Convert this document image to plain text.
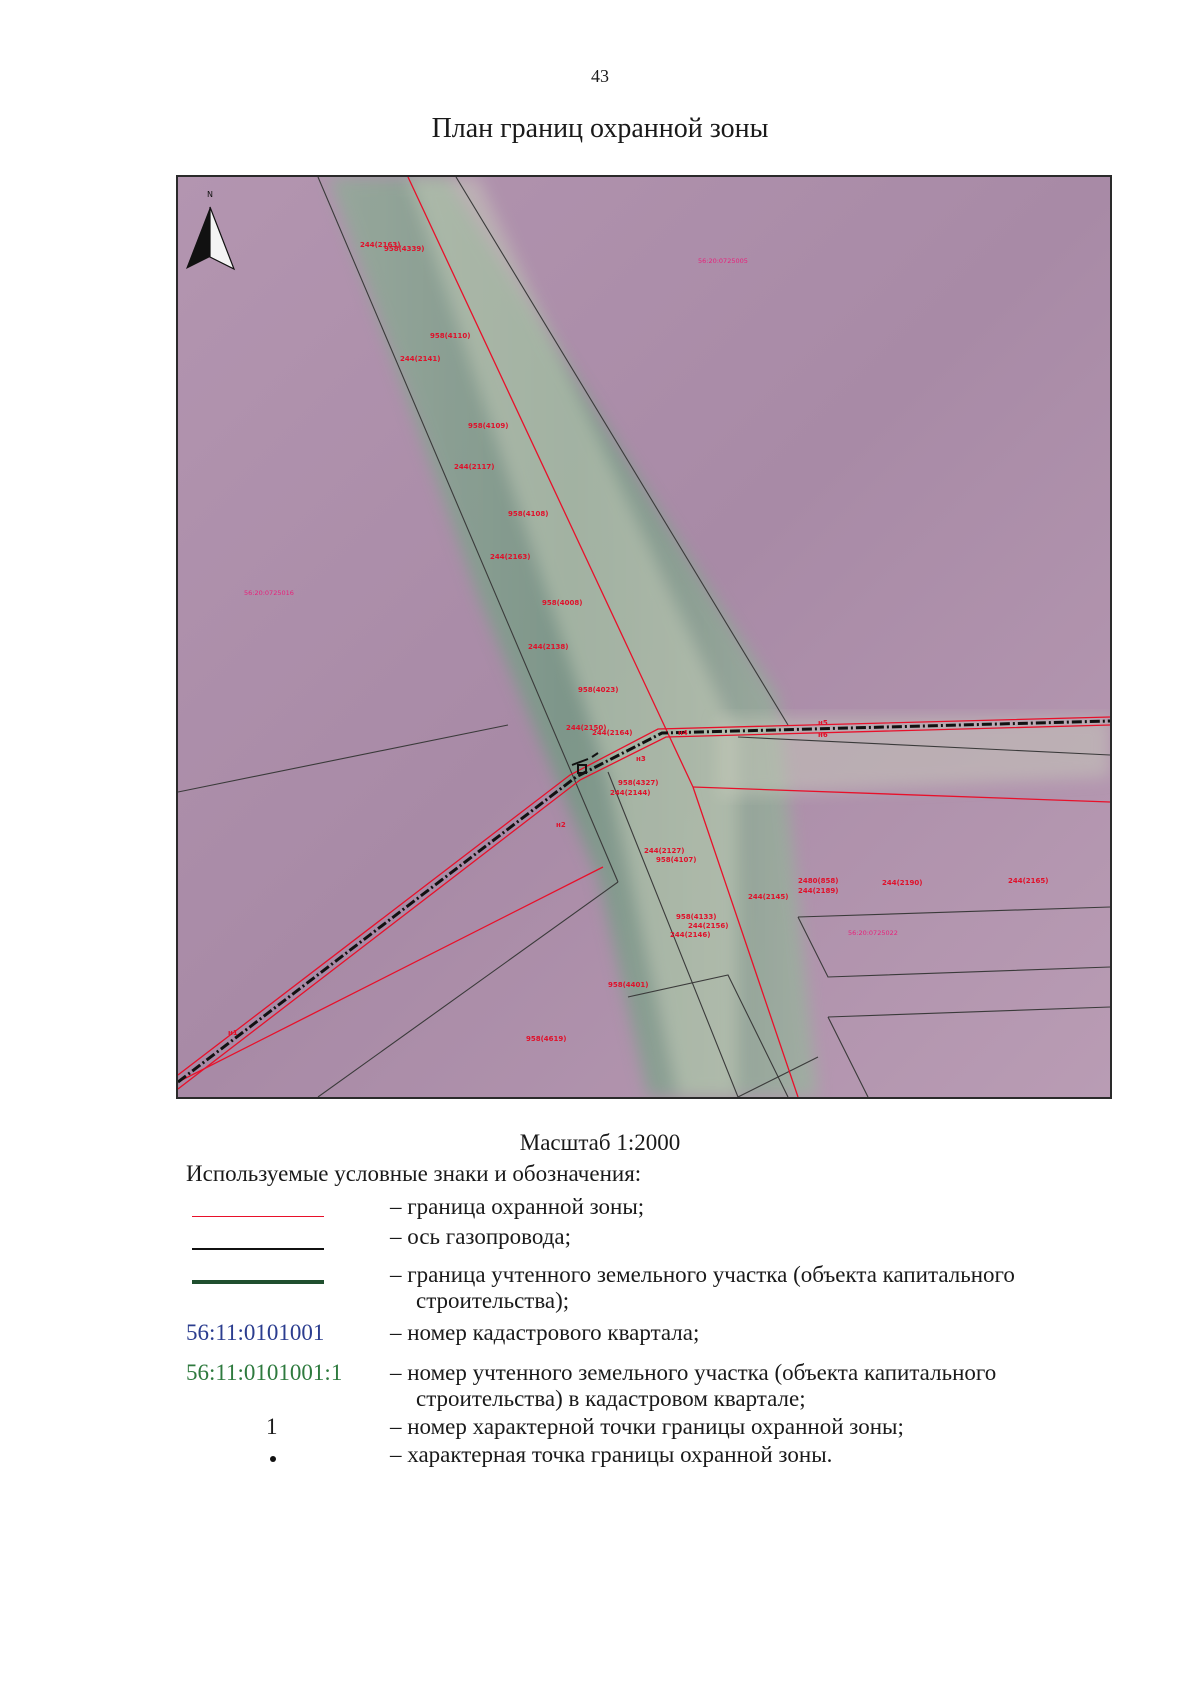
43
План границ охранной зоны
N
56:20:0725005
56:20:0725016
56:20:0725022
244(2163)
958(4339)
958(4110)
244(2141)
958(4109)
244(2117)
958(4108)
244(2163)
958(4008)
244(2138)
958(4023)
244(2150)
244(2164)
958(4327)
244(2144)
244(2127)
958(4107)
244(2145)
2480(858)
244(2189)
244(2190)	244(2165)
958(4133)
244(2156)
244(2146)
958(4401)
958(4619)
н1
н2
н3
н4
н5
н6
Масштаб 1:2000
Используемые условные знаки и обозначения:
– граница охранной зоны;
– ось газопровода;
– граница учтенного земельного участка (объекта капитального
строительства);
56:11:0101001	– номер кадастрового квартала;
56:11:0101001:1 – номер учтенного земельного участка (объекта капитального
строительства) в кадастровом квартале;
1	– номер характерной точки границы охранной зоны;
– характерная точка границы охранной зоны.
